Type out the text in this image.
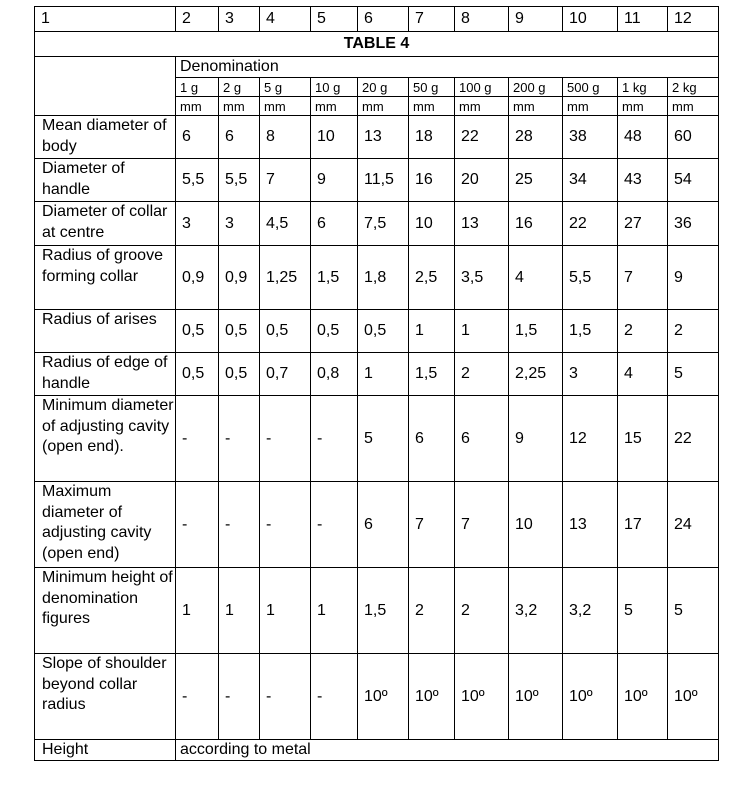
1	2	3	4	5	6	7	8	9	10	11	12
TABLE 4											
	Denomination										
	1 g	2 g	5 g	10 g	20 g	50 g	100 g	200 g	500 g	1 kg	2 kg
	mm	mm	mm	mm	mm	mm	mm	mm	mm	mm	mm
Mean diameter of body	6	6	8	10	13	18	22	28	38	48	60
Diameter of handle	5,5	5,5	7	9	11,5	16	20	25	34	43	54
Diameter of collar at centre	3	3	4,5	6	7,5	10	13	16	22	27	36
Radius of groove forming collar	0,9	0,9	1,25	1,5	1,8	2,5	3,5	4	5,5	7	9
Radius of arises	0,5	0,5	0,5	0,5	0,5	1	1	1,5	1,5	2	2
Radius of edge of handle	0,5	0,5	0,7	0,8	1	1,5	2	2,25	3	4	5
Minimum diameter of adjusting cavity (open end).	-	-	-	-	5	6	6	9	12	15	22
Maximum diameter of adjusting cavity (open end)	-	-	-	-	6	7	7	10	13	17	24
Minimum height of denomination figures	1	1	1	1	1,5	2	2	3,2	3,2	5	5
Slope of shoulder beyond collar radius	-	-	-	-	10º	10º	10º	10º	10º	10º	10º
Height	according to metal										
